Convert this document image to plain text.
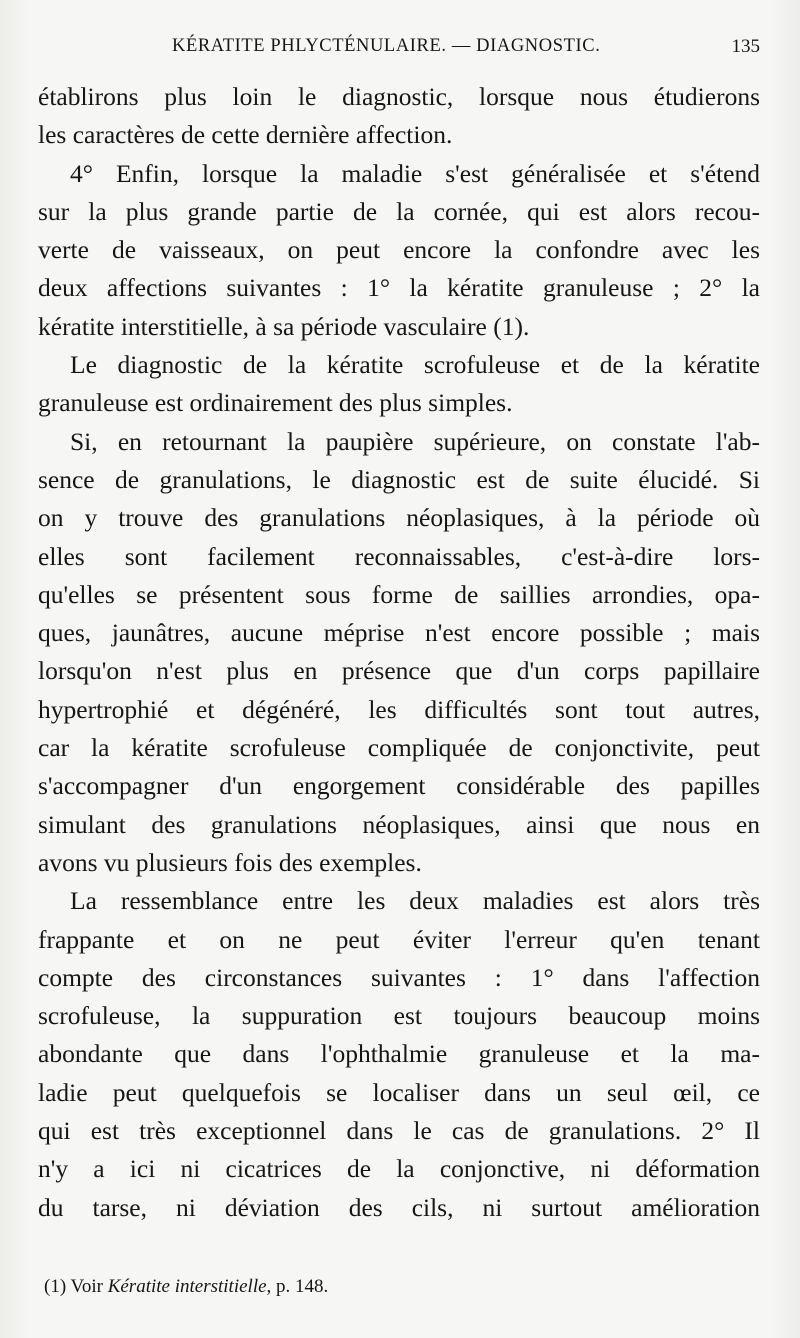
KÉRATITE PHLYCTÉNULAIRE. — DIAGNOSTIC.	135
établirons plus loin le diagnostic, lorsque nous étudierons
les caractères de cette dernière affection.
4° Enfin, lorsque la maladie s'est généralisée et s'étend
sur la plus grande partie de la cornée, qui est alors recou-
verte de vaisseaux, on peut encore la confondre avec les
deux affections suivantes : 1° la kératite granuleuse ; 2° la
kératite interstitielle, à sa période vasculaire (1).
Le diagnostic de la kératite scrofuleuse et de la kératite
granuleuse est ordinairement des plus simples.
Si, en retournant la paupière supérieure, on constate l'ab-
sence de granulations, le diagnostic est de suite élucidé. Si
on y trouve des granulations néoplasiques, à la période où
elles sont facilement reconnaissables, c'est-à-dire lors-
qu'elles se présentent sous forme de saillies arrondies, opa-
ques, jaunâtres, aucune méprise n'est encore possible ; mais
lorsqu'on n'est plus en présence que d'un corps papillaire
hypertrophié et dégénéré, les difficultés sont tout autres,
car la kératite scrofuleuse compliquée de conjonctivite, peut
s'accompagner d'un engorgement considérable des papilles
simulant des granulations néoplasiques, ainsi que nous en
avons vu plusieurs fois des exemples.
La ressemblance entre les deux maladies est alors très
frappante et on ne peut éviter l'erreur qu'en tenant
compte des circonstances suivantes : 1° dans l'affection
scrofuleuse, la suppuration est toujours beaucoup moins
abondante que dans l'ophthalmie granuleuse et la ma-
ladie peut quelquefois se localiser dans un seul œil, ce
qui est très exceptionnel dans le cas de granulations. 2° Il
n'y a ici ni cicatrices de la conjonctive, ni déformation
du tarse, ni déviation des cils, ni surtout amélioration
(1) Voir Kératite interstitielle, p. 148.
